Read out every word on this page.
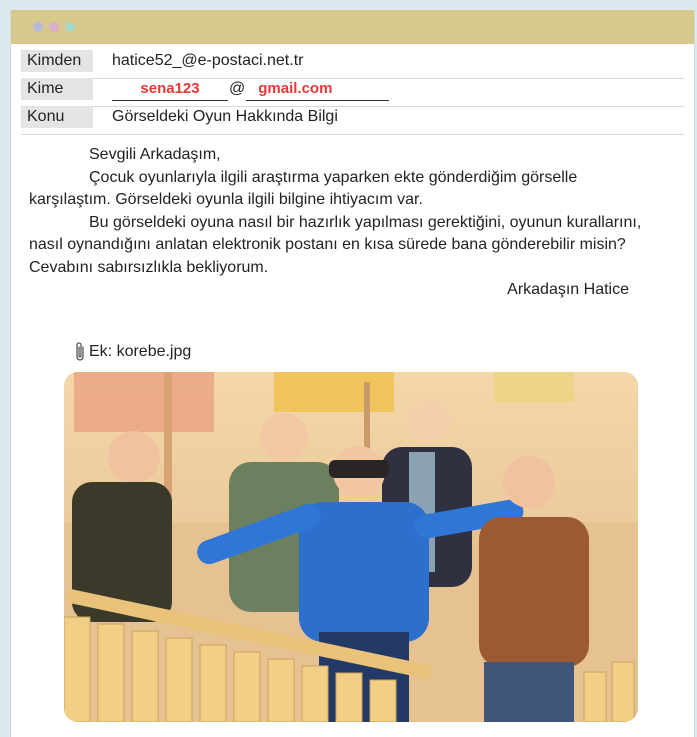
Kimden	hatice52_@e-postaci.net.tr
Kime	sena123 @ gmail.com
Konu	Görseldeki Oyun Hakkında Bilgi

Sevgili Arkadaşım,

Çocuk oyunlarıyla ilgili araştırma yaparken ekte gönderdiğim görselle karşılaştım. Görseldeki oyunla ilgili bilgine ihtiyacım var.

Bu görseldeki oyuna nasıl bir hazırlık yapılması gerektiğini, oyunun kurallarını, nasıl oynandığını anlatan elektronik postanı en kısa sürede bana gönderebilir misin? Cevabını sabırsızlıkla bekliyorum.

Arkadaşın Hatice

Ek: korebe.jpg
